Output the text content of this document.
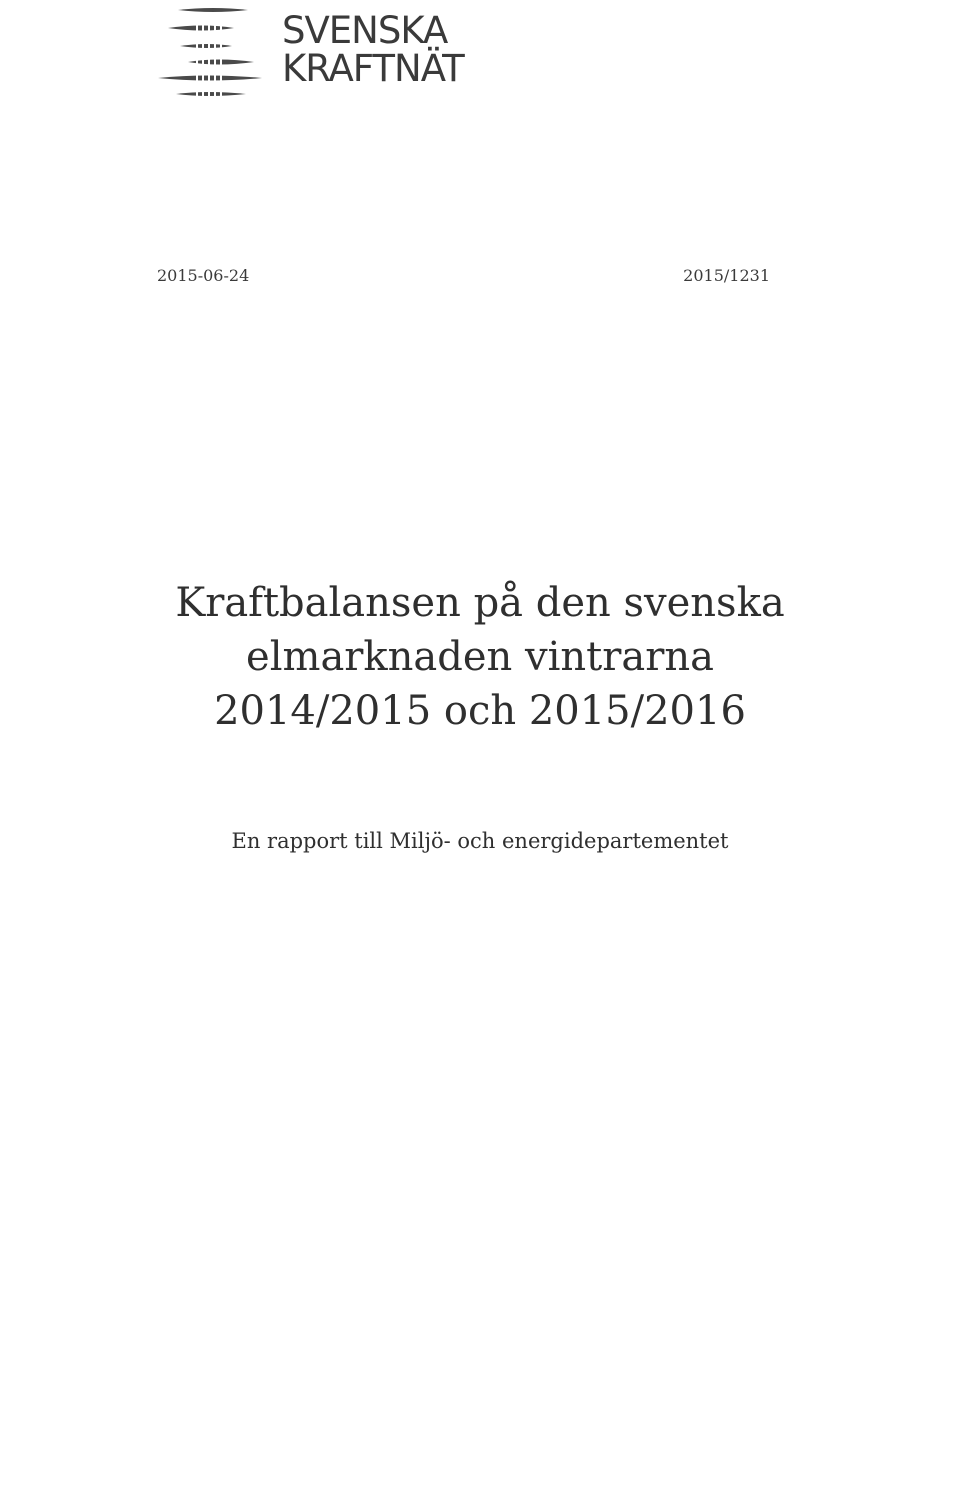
SVENSKA
KRAFTNÄT
2015-06-24	2015/1231
Kraftbalansen på den svenska
elmarknaden vintrarna
2014/2015 och 2015/2016

En rapport till Miljö- och energidepartementet
